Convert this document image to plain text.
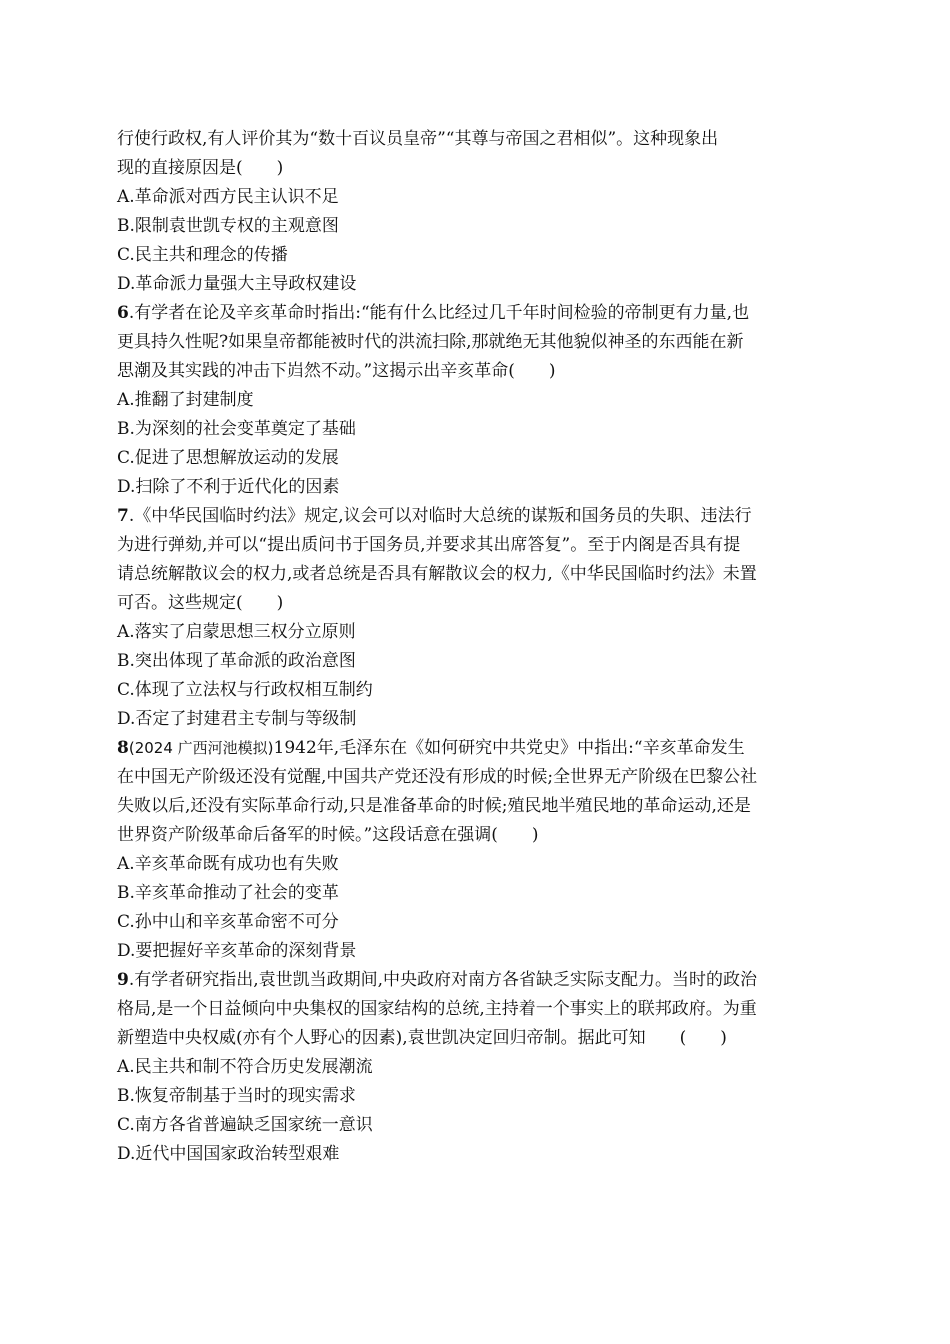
行使行政权,有人评价其为“数十百议员皇帝”“其尊与帝国之君相似”。这种现象出
现的直接原因是(　　)
A.革命派对西方民主认识不足
B.限制袁世凯专权的主观意图
C.民主共和理念的传播
D.革命派力量强大主导政权建设
6.有学者在论及辛亥革命时指出:“能有什么比经过几千年时间检验的帝制更有力量,也
更具持久性呢?如果皇帝都能被时代的洪流扫除,那就绝无其他貌似神圣的东西能在新
思潮及其实践的冲击下岿然不动。”这揭示出辛亥革命(　　)
A.推翻了封建制度
B.为深刻的社会变革奠定了基础
C.促进了思想解放运动的发展
D.扫除了不利于近代化的因素
7.《中华民国临时约法》规定,议会可以对临时大总统的谋叛和国务员的失职、违法行
为进行弹劾,并可以“提出质问书于国务员,并要求其出席答复”。至于内阁是否具有提
请总统解散议会的权力,或者总统是否具有解散议会的权力,《中华民国临时约法》未置
可否。这些规定(　　)
A.落实了启蒙思想三权分立原则
B.突出体现了革命派的政治意图
C.体现了立法权与行政权相互制约
D.否定了封建君主专制与等级制
8(2024 广西河池模拟)1942年,毛泽东在《如何研究中共党史》中指出:“辛亥革命发生
在中国无产阶级还没有觉醒,中国共产党还没有形成的时候;全世界无产阶级在巴黎公社
失败以后,还没有实际革命行动,只是准备革命的时候;殖民地半殖民地的革命运动,还是
世界资产阶级革命后备军的时候。”这段话意在强调(　　)
A.辛亥革命既有成功也有失败
B.辛亥革命推动了社会的变革
C.孙中山和辛亥革命密不可分
D.要把握好辛亥革命的深刻背景
9.有学者研究指出,袁世凯当政期间,中央政府对南方各省缺乏实际支配力。当时的政治
格局,是一个日益倾向中央集权的国家结构的总统,主持着一个事实上的联邦政府。为重
新塑造中央权威(亦有个人野心的因素),袁世凯决定回归帝制。据此可知　　(　　)
A.民主共和制不符合历史发展潮流
B.恢复帝制基于当时的现实需求
C.南方各省普遍缺乏国家统一意识
D.近代中国国家政治转型艰难
